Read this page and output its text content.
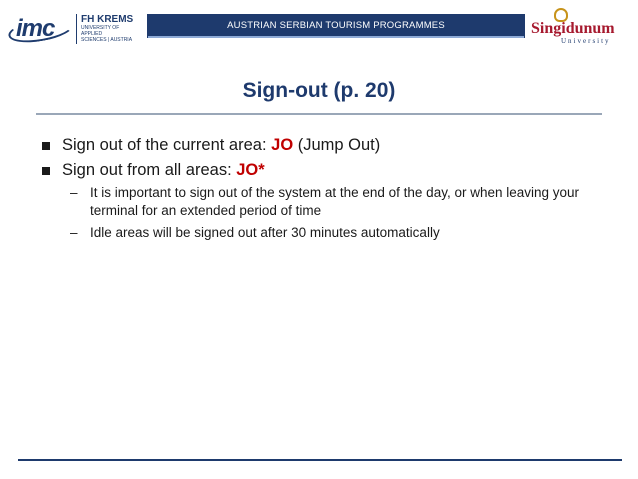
imc	FH KREMS
UNIVERSITY OF APPLIED
SCIENCES | AUSTRIA
AUSTRIAN SERBIAN TOURISM PROGRAMMES	Singidunum
University
Sign-out (p. 20)
Sign out of the current area: JO (Jump Out)
Sign out from all areas: JO*
– It is important to sign out of the system at the end of the day, or when leaving your terminal for an extended period of time
– Idle areas will be signed out after 30 minutes automatically
